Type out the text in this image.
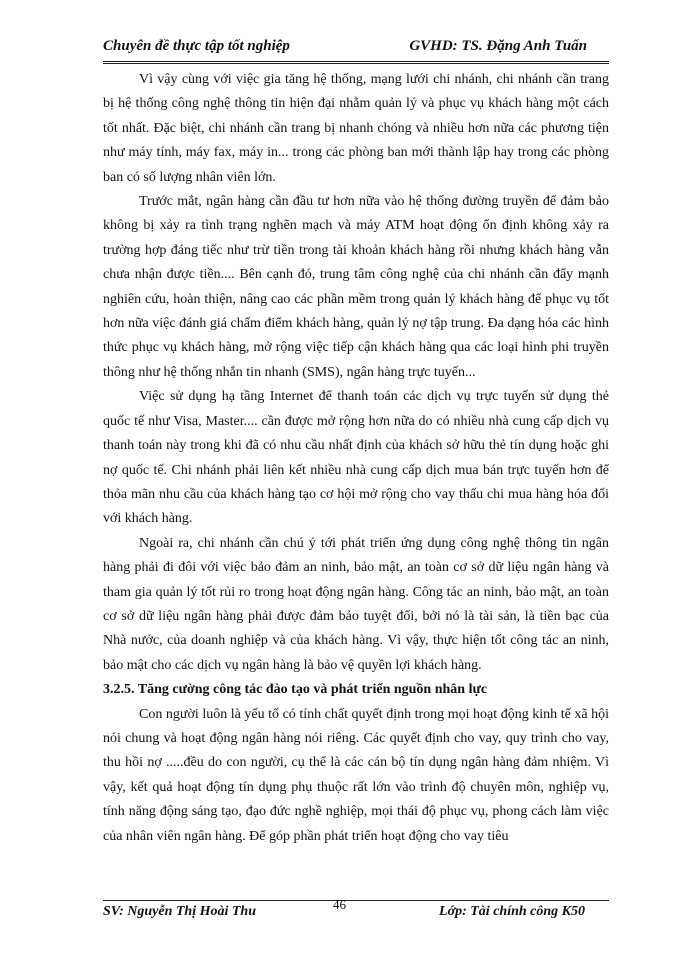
Chuyên đề thực tập tốt nghiệp	GVHD: TS. Đặng Anh Tuấn

Vì vậy cùng với việc gia tăng hệ thống, mạng lưới chi nhánh, chi nhánh cần trang bị hệ thống công nghệ thông tin hiện đại nhằm quản lý và phục vụ khách hàng một cách tốt nhất. Đặc biệt, chi nhánh cần trang bị nhanh chóng và nhiều hơn nữa các phương tiện như máy tính, máy fax, máy in... trong các phòng ban mới thành lập hay trong các phòng ban có số lượng nhân viên lớn.

Trước mắt, ngân hàng cần đầu tư hơn nữa vào hệ thống đường truyền để đảm bảo không bị xảy ra tình trạng nghẽn mạch và máy ATM hoạt động ổn định không xảy ra trường hợp đáng tiếc như trừ tiền trong tài khoản khách hàng rồi nhưng khách hàng vẫn chưa nhận được tiền.... Bên cạnh đó, trung tâm công nghệ của chi nhánh cần đẩy mạnh nghiên cứu, hoàn thiện, nâng cao các phần mềm trong quản lý khách hàng để phục vụ tốt hơn nữa việc đánh giá chấm điểm khách hàng, quản lý nợ tập trung. Đa dạng hóa các hình thức phục vụ khách hàng, mở rộng việc tiếp cận khách hàng qua các loại hình phi truyền thông như hệ thống nhắn tin nhanh (SMS), ngân hàng trực tuyến...

Việc sử dụng hạ tầng Internet để thanh toán các dịch vụ trực tuyến sử dụng thẻ quốc tế như Visa, Master.... cần được mở rộng hơn nữa do có nhiều nhà cung cấp dịch vụ thanh toán này trong khi đã có nhu cầu nhất định của khách sở hữu thẻ tín dụng hoặc ghi nợ quốc tế. Chi nhánh phải liên kết nhiều nhà cung cấp dịch mua bán trực tuyến hơn để thỏa mãn nhu cầu của khách hàng tạo cơ hội mở rộng cho vay thấu chi mua hàng hóa đối với khách hàng.

Ngoài ra, chi nhánh cần chú ý tới phát triển ứng dụng công nghệ thông tin ngân hàng phải đi đôi với việc bảo đảm an ninh, bảo mật, an toàn cơ sở dữ liệu ngân hàng và tham gia quản lý tốt rủi ro trong hoạt động ngân hàng. Công tác an ninh, bảo mật, an toàn cơ sở dữ liệu ngân hàng phải được đảm bảo tuyệt đối, bởi nó là tài sản, là tiền bạc của Nhà nước, của doanh nghiệp và của khách hàng. Vì vậy, thực hiện tốt công tác an ninh, bảo mật cho các dịch vụ ngân hàng là bảo vệ quyền lợi khách hàng.

3.2.5. Tăng cường công tác đào tạo và phát triển nguồn nhân lực

Con người luôn là yếu tố có tính chất quyết định trong mọi hoạt động kinh tế xã hội nói chung và hoạt động ngân hàng nói riêng. Các quyết định cho vay, quy trình cho vay, thu hồi nợ .....đều do con người, cụ thể là các cán bộ tín dụng ngân hàng đảm nhiệm. Vì vậy, kết quả hoạt động tín dụng phụ thuộc rất lớn vào trình độ chuyên môn, nghiệp vụ, tính năng động sáng tạo, đạo đức nghề nghiệp, mọi thái độ phục vụ, phong cách làm việc của nhân viên ngân hàng. Để góp phần phát triển hoạt động cho vay tiêu

SV: Nguyễn Thị Hoài Thu	46	Lớp: Tài chính công K50
